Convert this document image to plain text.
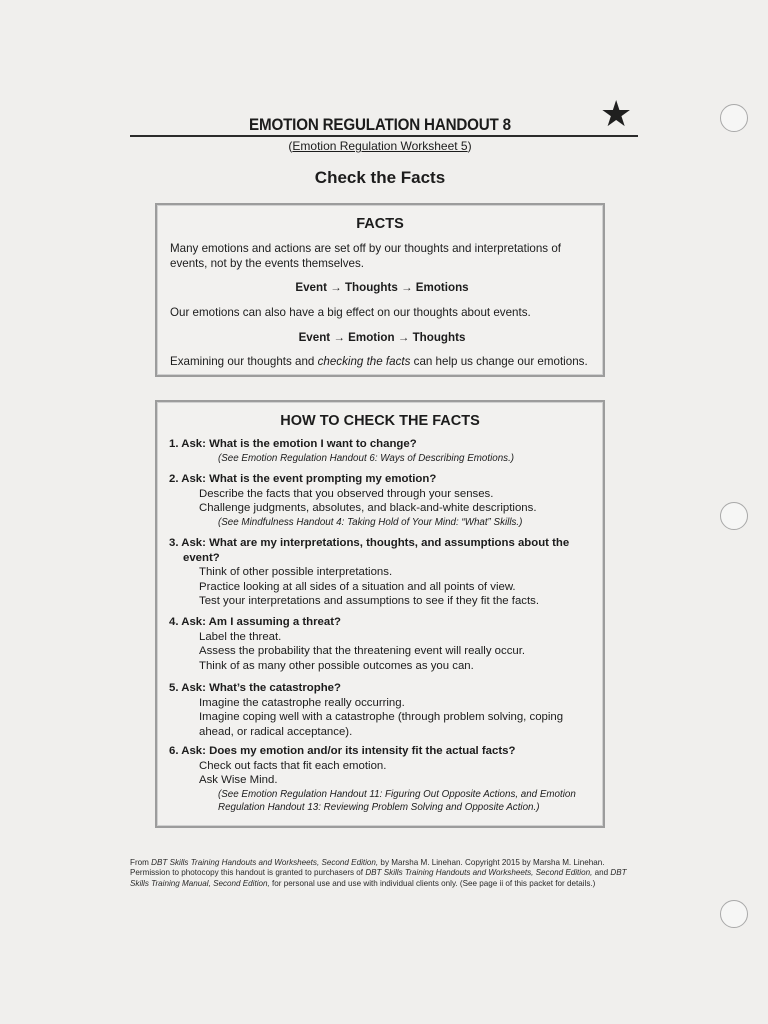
EMOTION REGULATION HANDOUT 8	★
(Emotion Regulation Worksheet 5)
Check the Facts
FACTS
Many emotions and actions are set off by our thoughts and interpretations of events, not by the events themselves.
Event → Thoughts → Emotions
Our emotions can also have a big effect on our thoughts about events.
Event → Emotion → Thoughts
Examining our thoughts and checking the facts can help us change our emotions.
HOW TO CHECK THE FACTS
1. Ask: What is the emotion I want to change?
(See Emotion Regulation Handout 6: Ways of Describing Emotions.)
2. Ask: What is the event prompting my emotion?
Describe the facts that you observed through your senses.
Challenge judgments, absolutes, and black-and-white descriptions.
(See Mindfulness Handout 4: Taking Hold of Your Mind: “What” Skills.)
3. Ask: What are my interpretations, thoughts, and assumptions about the
event?
Think of other possible interpretations.
Practice looking at all sides of a situation and all points of view.
Test your interpretations and assumptions to see if they fit the facts.
4. Ask: Am I assuming a threat?
Label the threat.
Assess the probability that the threatening event will really occur.
Think of as many other possible outcomes as you can.
5. Ask: What’s the catastrophe?
Imagine the catastrophe really occurring.
Imagine coping well with a catastrophe (through problem solving, coping
ahead, or radical acceptance).
6. Ask: Does my emotion and/or its intensity fit the actual facts?
Check out facts that fit each emotion.
Ask Wise Mind.
(See Emotion Regulation Handout 11: Figuring Out Opposite Actions, and Emotion
Regulation Handout 13: Reviewing Problem Solving and Opposite Action.)
From DBT Skills Training Handouts and Worksheets, Second Edition, by Marsha M. Linehan. Copyright 2015 by Marsha M. Linehan. Permission to photocopy this handout is granted to purchasers of DBT Skills Training Handouts and Worksheets, Second Edition, and DBT Skills Training Manual, Second Edition, for personal use and use with individual clients only. (See page ii of this packet for details.)
